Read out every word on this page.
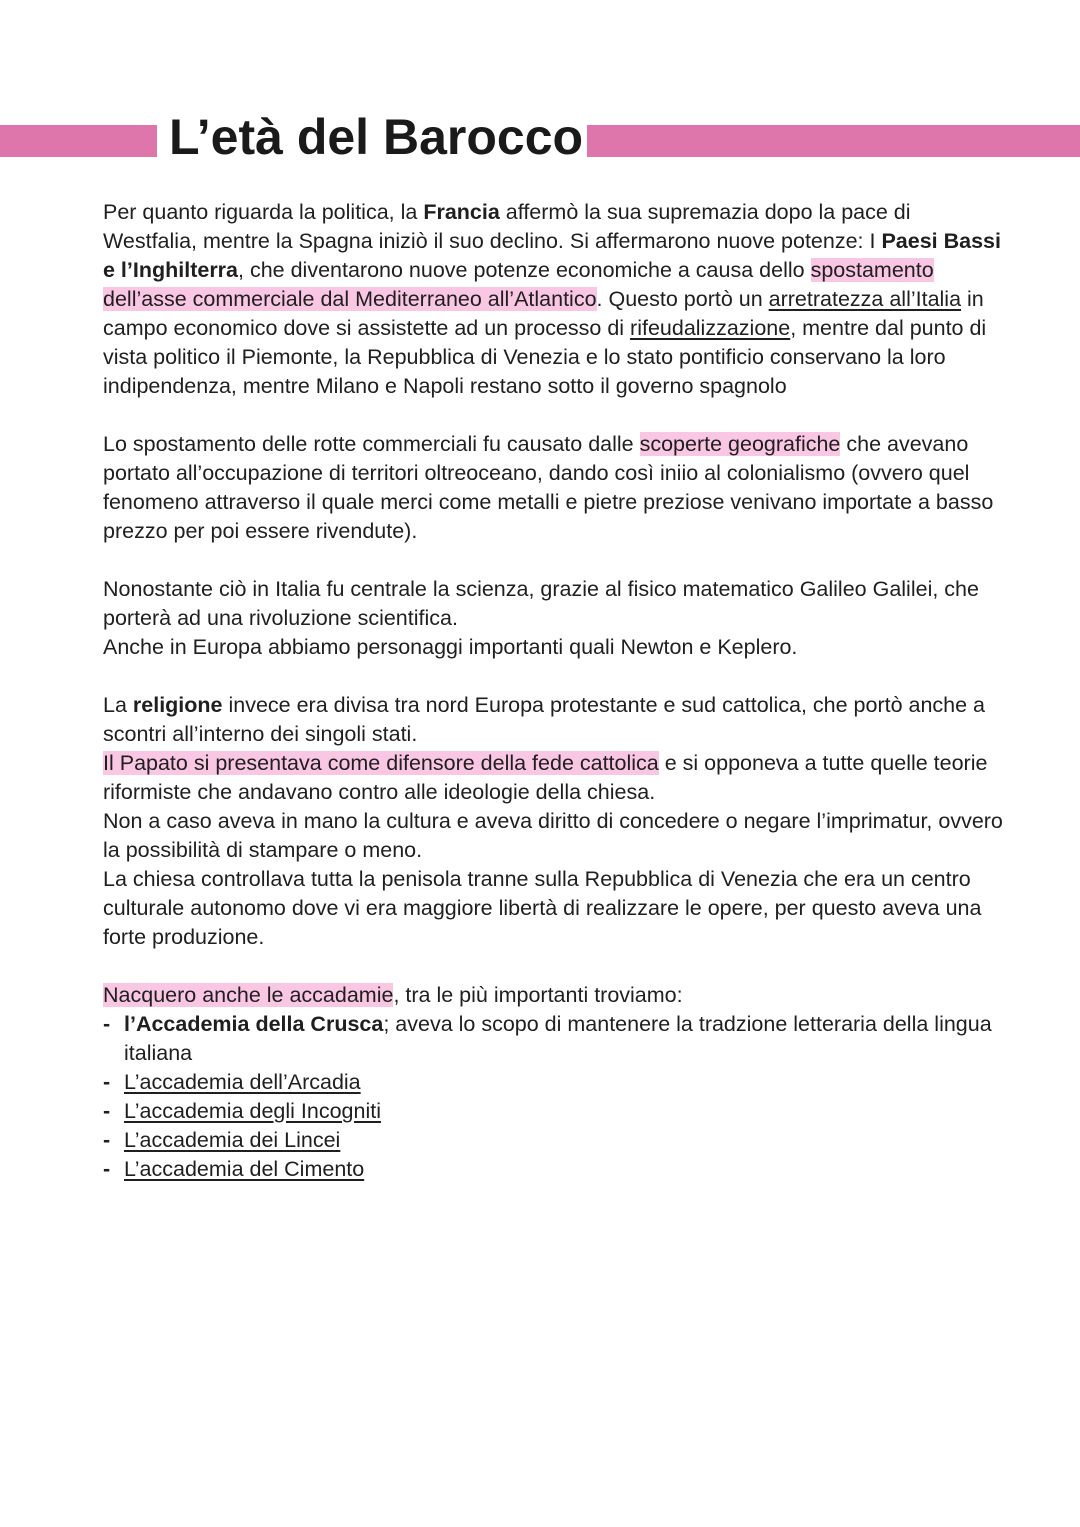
L’età del Barocco

Per quanto riguarda la politica, la Francia affermò la sua supremazia dopo la pace di Westfalia, mentre la Spagna iniziò il suo declino. Si affermarono nuove potenze: I Paesi Bassi e l’Inghilterra, che diventarono nuove potenze economiche a causa dello spostamento dell’asse commerciale dal Mediterraneo all’Atlantico. Questo portò un arretratezza all’Italia in campo economico dove si assistette ad un processo di rifeudalizzazione, mentre dal punto di vista politico il Piemonte, la Repubblica di Venezia e lo stato pontificio conservano la loro indipendenza, mentre Milano e Napoli restano sotto il governo spagnolo

Lo spostamento delle rotte commerciali fu causato dalle scoperte geografiche che avevano portato all’occupazione di territori oltreoceano, dando così iniio al colonialismo (ovvero quel fenomeno attraverso il quale merci come metalli e pietre preziose venivano importate a basso prezzo per poi essere rivendute).

Nonostante ciò in Italia fu centrale la scienza, grazie al fisico matematico Galileo Galilei, che porterà ad una rivoluzione scientifica.
Anche in Europa abbiamo personaggi importanti quali Newton e Keplero.

La religione invece era divisa tra nord Europa protestante e sud cattolica, che portò anche a scontri all’interno dei singoli stati.
Il Papato si presentava come difensore della fede cattolica e si opponeva a tutte quelle teorie riformiste che andavano contro alle ideologie della chiesa.
Non a caso aveva in mano la cultura e aveva diritto di concedere o negare l’imprimatur, ovvero la possibilità di stampare o meno.
La chiesa controllava tutta la penisola tranne sulla Repubblica di Venezia che era un centro culturale autonomo dove vi era maggiore libertà di realizzare le opere, per questo aveva una forte produzione.

Nacquero anche le accadamie, tra le più importanti troviamo:
- l’Accademia della Crusca; aveva lo scopo di mantenere la tradzione letteraria della lingua italiana
- L’accademia dell’Arcadia
- L’accademia degli Incogniti
- L’accademia dei Lincei
- L’accademia del Cimento
